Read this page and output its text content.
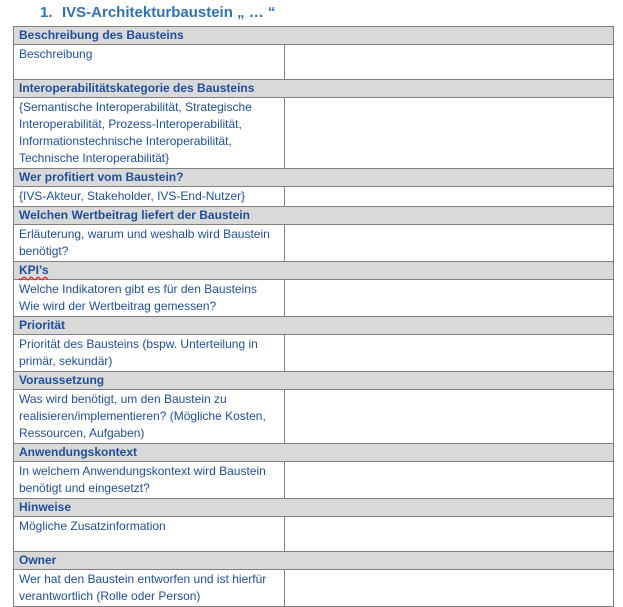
1. IVS-Architekturbaustein „ … “
Beschreibung des Bausteins	
Beschreibung	
Interoperabilitätskategorie des Bausteins	
{Semantische Interoperabilität, Strategische Interoperabilität, Prozess-Interoperabilität, Informationstechnische Interoperabilität, Technische Interoperabilität}	
Wer profitiert vom Baustein?	
{IVS-Akteur, Stakeholder, IVS-End-Nutzer}	
Welchen Wertbeitrag liefert der Baustein	
Erläuterung, warum und weshalb wird Baustein benötigt?	
KPI’s	
Welche Indikatoren gibt es für den Bausteins Wie wird der Wertbeitrag gemessen?	
Priorität	
Priorität des Bausteins (bspw. Unterteilung in primär, sekundär)	
Voraussetzung	
Was wird benötigt, um den Baustein zu realisieren/implementieren? (Mögliche Kosten, Ressourcen, Aufgaben)	
Anwendungskontext	
In welchem Anwendungskontext wird Baustein benötigt und eingesetzt?	
Hinweise	
Mögliche Zusatzinformation	
Owner	
Wer hat den Baustein entworfen und ist hierfür verantwortlich (Rolle oder Person)	
